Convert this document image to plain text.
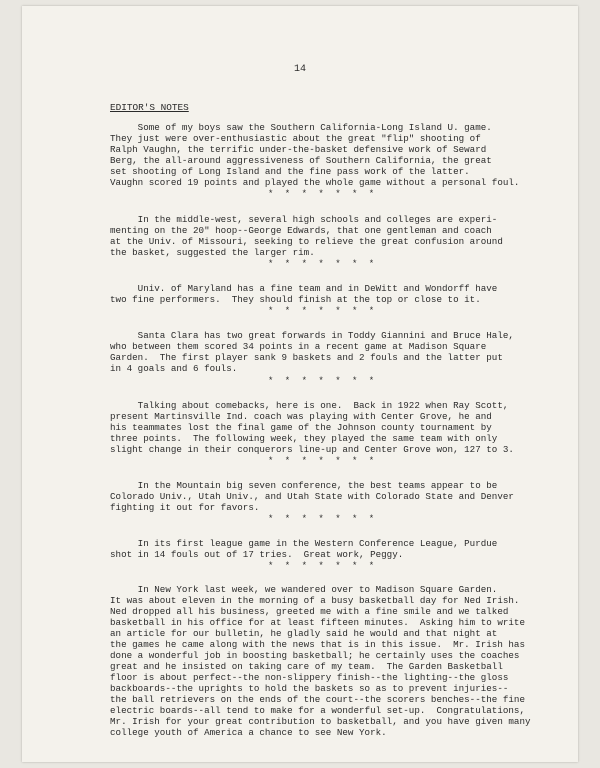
14
EDITOR'S NOTES
Some of my boys saw the Southern California-Long Island U. game.
They just were over-enthusiastic about the great "flip" shooting of
Ralph Vaughn, the terrific under-the-basket defensive work of Seward
Berg, the all-around aggressiveness of Southern California, the great
set shooting of Long Island and the fine pass work of the latter.
Vaughn scored 19 points and played the whole game without a personal foul.
* * * * * * *
In the middle-west, several high schools and colleges are experi-
menting on the 20" hoop--George Edwards, that one gentleman and coach
at the Univ. of Missouri, seeking to relieve the great confusion around
the basket, suggested the larger rim.
* * * * * * *
Univ. of Maryland has a fine team and in DeWitt and Wondorff have
two fine performers.  They should finish at the top or close to it.
* * * * * * *
Santa Clara has two great forwards in Toddy Giannini and Bruce Hale,
who between them scored 34 points in a recent game at Madison Square
Garden.  The first player sank 9 baskets and 2 fouls and the latter put
in 4 goals and 6 fouls.
* * * * * * *
Talking about comebacks, here is one.  Back in 1922 when Ray Scott,
present Martinsville Ind. coach was playing with Center Grove, he and
his teammates lost the final game of the Johnson county tournament by
three points.  The following week, they played the same team with only
slight change in their conquerors line-up and Center Grove won, 127 to 3.
* * * * * * *
In the Mountain big seven conference, the best teams appear to be
Colorado Univ., Utah Univ., and Utah State with Colorado State and Denver
fighting it out for favors.
* * * * * * *
In its first league game in the Western Conference League, Purdue
shot in 14 fouls out of 17 tries.  Great work, Peggy.
* * * * * * *
In New York last week, we wandered over to Madison Square Garden.
It was about eleven in the morning of a busy basketball day for Ned Irish.
Ned dropped all his business, greeted me with a fine smile and we talked
basketball in his office for at least fifteen minutes.  Asking him to write
an article for our bulletin, he gladly said he would and that night at
the games he came along with the news that is in this issue.  Mr. Irish has
done a wonderful job in boosting basketball; he certainly uses the coaches
great and he insisted on taking care of my team.  The Garden Basketball
floor is about perfect--the non-slippery finish--the lighting--the gloss
backboards--the uprights to hold the baskets so as to prevent injuries--
the ball retrievers on the ends of the court--the scorers benches--the fine
electric boards--all tend to make for a wonderful set-up.  Congratulations,
Mr. Irish for your great contribution to basketball, and you have given many
college youth of America a chance to see New York.
